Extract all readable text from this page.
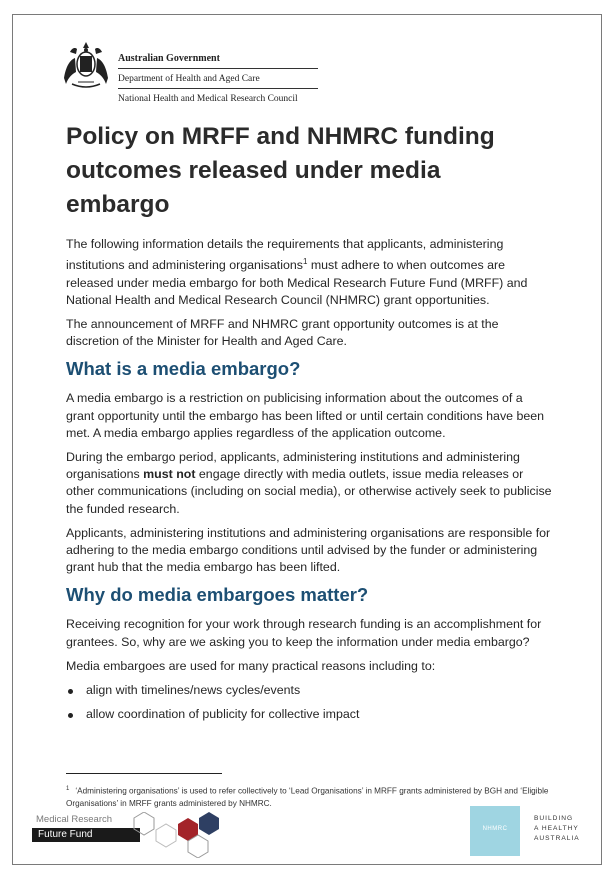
Australian Government
Department of Health and Aged Care
National Health and Medical Research Council
Policy on MRFF and NHMRC funding outcomes released under media embargo

The following information details the requirements that applicants, administering institutions and administering organisations$^1$ must adhere to when outcomes are released under media embargo for both Medical Research Future Fund (MRFF) and National Health and Medical Research Council (NHMRC) grant opportunities.

The announcement of MRFF and NHMRC grant opportunity outcomes is at the discretion of the Minister for Health and Aged Care.

What is a media embargo?

A media embargo is a restriction on publicising information about the outcomes of a grant opportunity until the embargo has been lifted or until certain conditions have been met. A media embargo applies regardless of the application outcome.

During the embargo period, applicants, administering institutions and administering organisations must not engage directly with media outlets, issue media releases or other communications (including on social media), or otherwise actively seek to publicise the funded research.

Applicants, administering institutions and administering organisations are responsible for adhering to the media embargo conditions until advised by the funder or administering grant hub that the media embargo has been lifted.

Why do media embargoes matter?

Receiving recognition for your work through research funding is an accomplishment for grantees. So, why are we asking you to keep the information under media embargo?

Media embargoes are used for many practical reasons including to:

align with timelines/news cycles/events
allow coordination of publicity for collective impact
$^1$ ‘Administering organisations’ is used to refer collectively to ‘Lead Organisations’ in MRFF grants administered by BGH and ‘Eligible Organisations’ in MRFF grants administered by NHMRC.
Medical Research
Future Fund	NHMRC
BUILDING
A HEALTHY
AUSTRALIA
